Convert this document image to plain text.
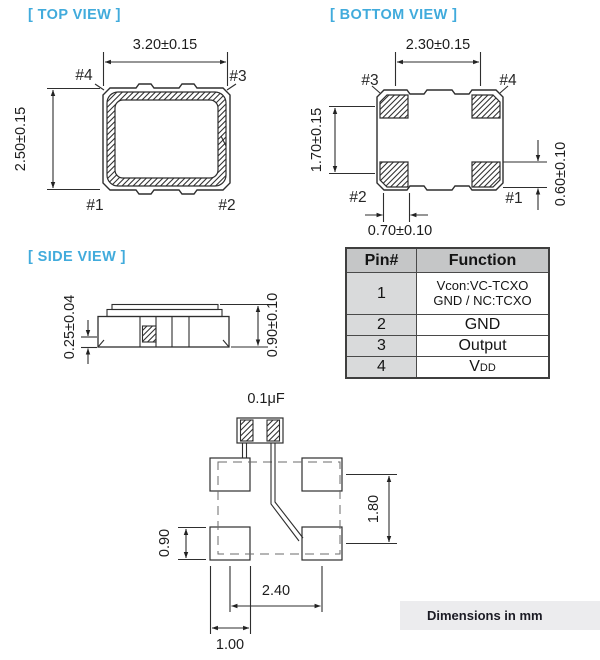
[ TOP VIEW ]	[ BOTTOM VIEW ]
[ SIDE VIEW ]
3.20±0.15
2.50±0.15
#4	#3
#1	#2
2.30±0.15
1.70±0.15
0.60±0.10
0.70±0.10
#3	#4
#2	#1
0.25±0.04	0.90±0.10
0.1μF
0.90
1.80
2.40
1.00
Pin#	Function
1	Vcon:VC-TCXO
GND / NC:TCXO

2	GND
3	Output
4	VDD
Dimensions in mm
